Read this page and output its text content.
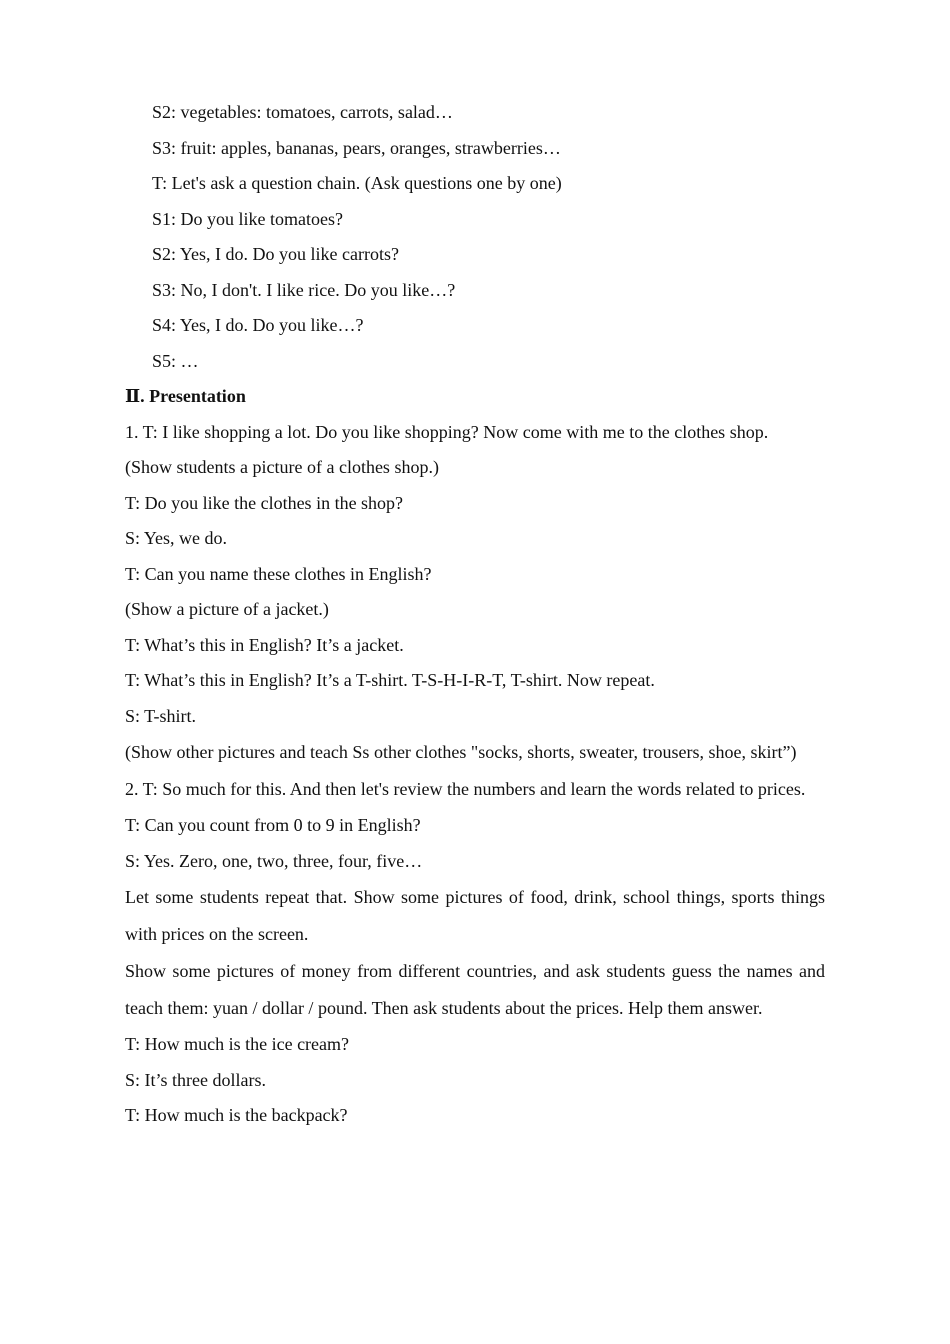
S2: vegetables: tomatoes, carrots, salad…
S3: fruit: apples, bananas, pears, oranges, strawberries…
T: Let's ask a question chain. (Ask questions one by one)
S1: Do you like tomatoes?
S2: Yes, I do. Do you like carrots?
S3: No, I don't. I like rice. Do you like…?
S4: Yes, I do. Do you like…?
S5: …
Ⅱ. Presentation
1. T: I like shopping a lot. Do you like shopping? Now come with me to the clothes shop.
(Show students a picture of a clothes shop.)
T: Do you like the clothes in the shop?
S: Yes, we do.
T: Can you name these clothes in English?
(Show a picture of a jacket.)
T: What’s this in English? It’s a jacket.
T: What’s this in English? It’s a T-shirt. T-S-H-I-R-T, T-shirt. Now repeat.
S: T-shirt.
(Show other pictures and teach Ss other clothes "socks, shorts, sweater, trousers, shoe, skirt”)
2. T: So much for this. And then let's review the numbers and learn the words related to prices.
T: Can you count from 0 to 9 in English?
S: Yes. Zero, one, two, three, four, five…
Let some students repeat that. Show some pictures of food, drink, school things, sports things with prices on the screen.
Show some pictures of money from different countries, and ask students guess the names and teach them: yuan / dollar / pound. Then ask students about the prices. Help them answer.
T: How much is the ice cream?
S: It’s three dollars.
T: How much is the backpack?
